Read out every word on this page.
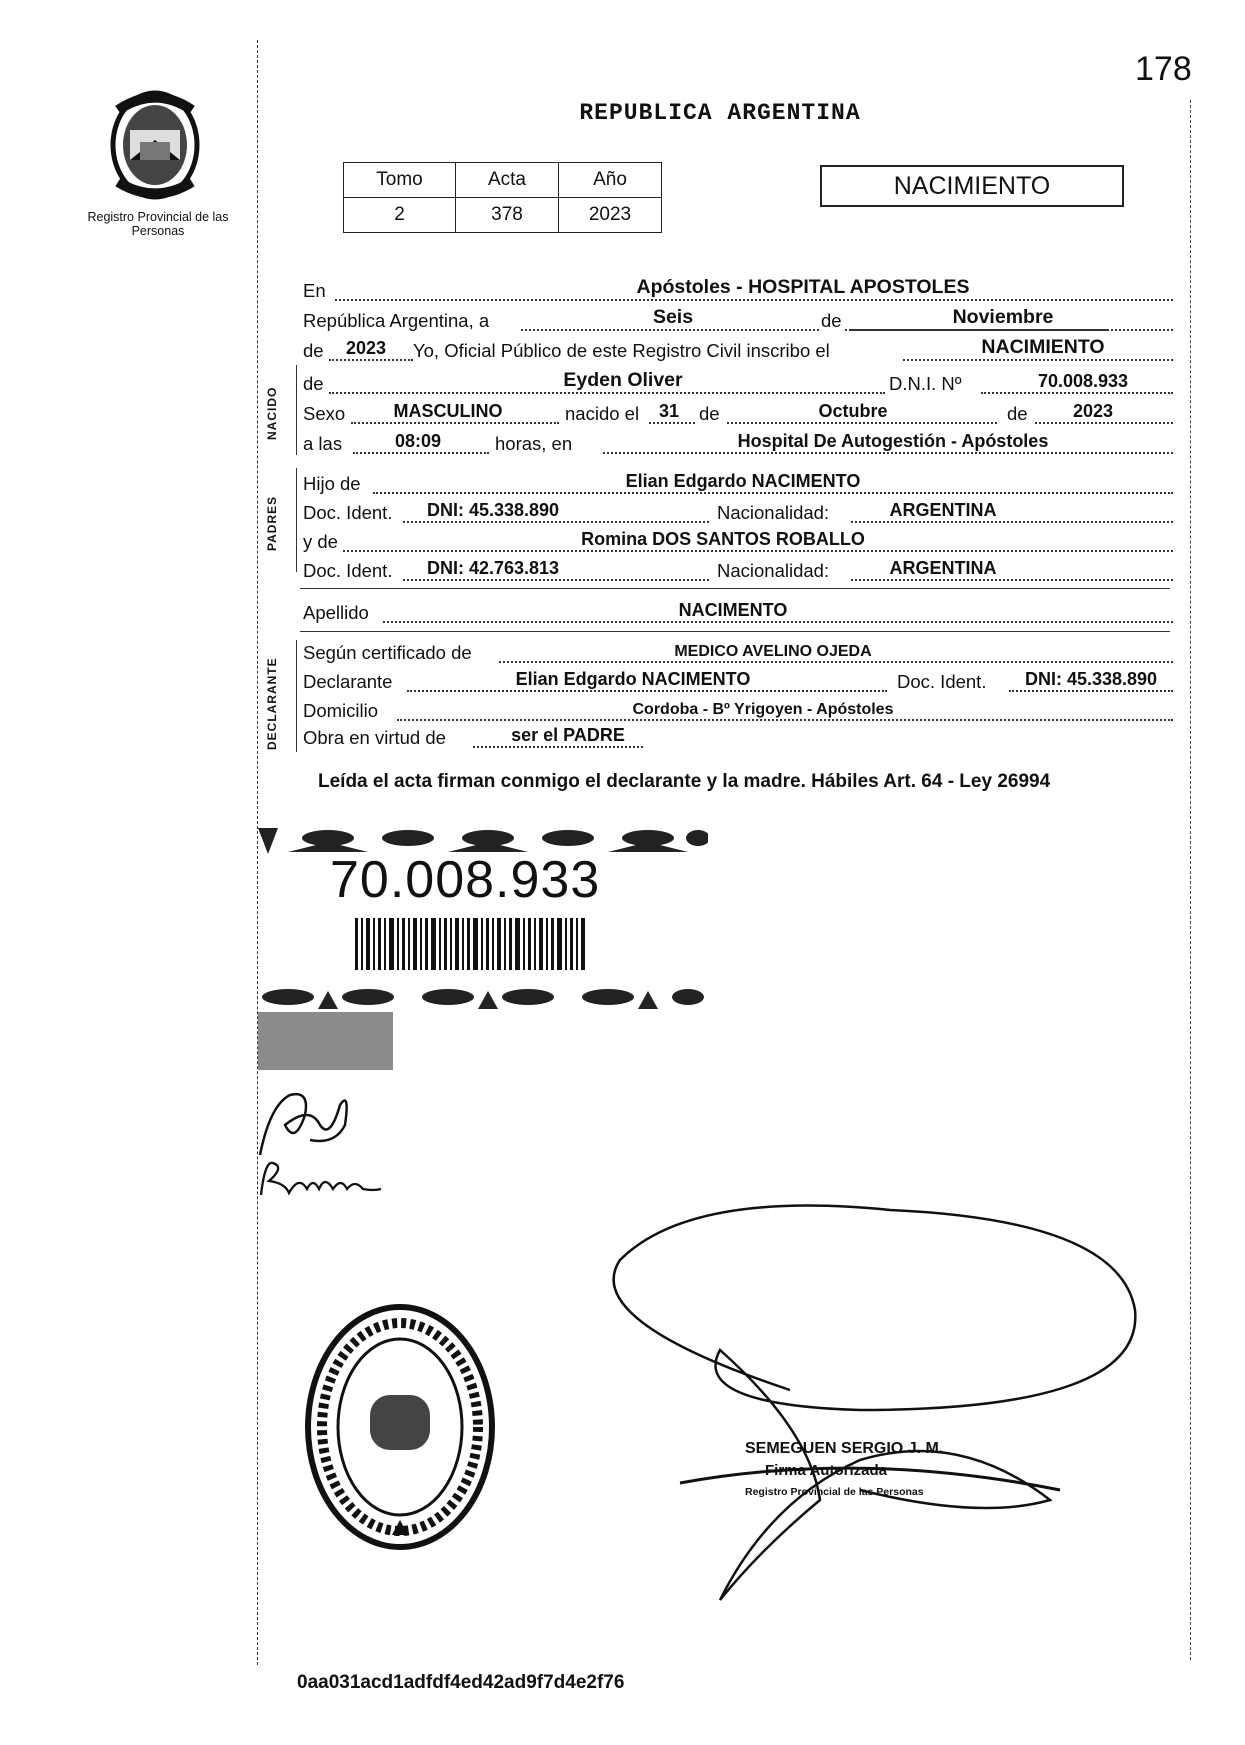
178
Registro Provincial de las Personas
REPUBLICA ARGENTINA
Tomo	Acta	Año
2	378	2023
NACIMIENTO
En	Apóstoles - HOSPITAL APOSTOLES
República Argentina, a	Seis	de	Noviembre
de	2023	Yo, Oficial Público de este Registro Civil inscribo el	NACIMIENTO
NACIDO
de	Eyden Oliver	D.N.I. Nº	70.008.933
Sexo	MASCULINO	nacido el	31	de	Octubre	de	2023
a las	08:09	horas, en	Hospital De Autogestión - Apóstoles
PADRES
Hijo de	Elian Edgardo NACIMENTO
Doc. Ident.	DNI: 45.338.890	Nacionalidad:	ARGENTINA
y de	Romina DOS SANTOS ROBALLO
Doc. Ident.	DNI: 42.763.813	Nacionalidad:	ARGENTINA
Apellido	NACIMENTO
DECLARANTE
Según certificado de	MEDICO AVELINO OJEDA
Declarante	Elian Edgardo NACIMENTO	Doc. Ident.	DNI: 45.338.890
Domicilio	Cordoba - Bº Yrigoyen - Apóstoles
Obra en virtud de	ser el PADRE
Leída el acta firman conmigo el declarante y la madre. Hábiles Art. 64 - Ley 26994
70.008.933
SEMEGUEN SERGIO J. M.
Firma Autorizada
Registro Provincial de las Personas
0aa031acd1adfdf4ed42ad9f7d4e2f76
